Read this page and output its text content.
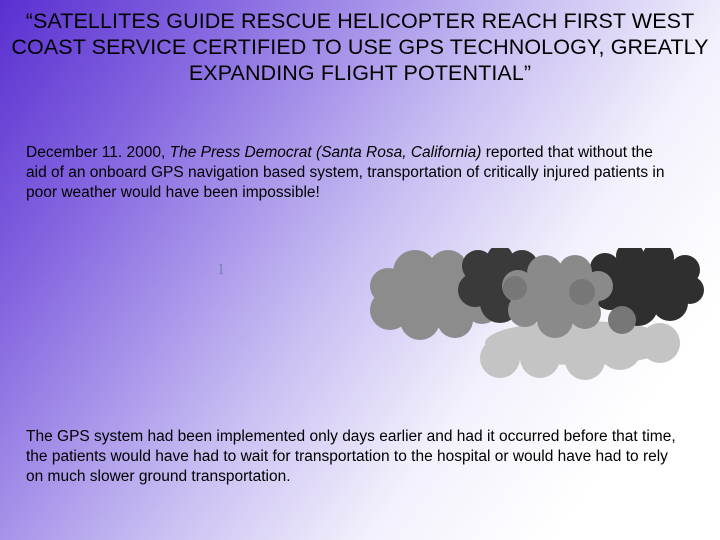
“SATELLITES GUIDE RESCUE HELICOPTER REACH FIRST WEST COAST SERVICE CERTIFIED TO USE GPS TECHNOLOGY, GREATLY EXPANDING FLIGHT POTENTIAL”
December 11. 2000, The Press Democrat (Santa Rosa, California) reported that without the aid of an onboard GPS navigation based system, transportation of critically injured patients in poor weather would have been impossible!
l
The GPS system had been implemented only days earlier and had it occurred before that time, the patients would have had to wait for transportation to the hospital or would have had to rely on much slower ground transportation.
